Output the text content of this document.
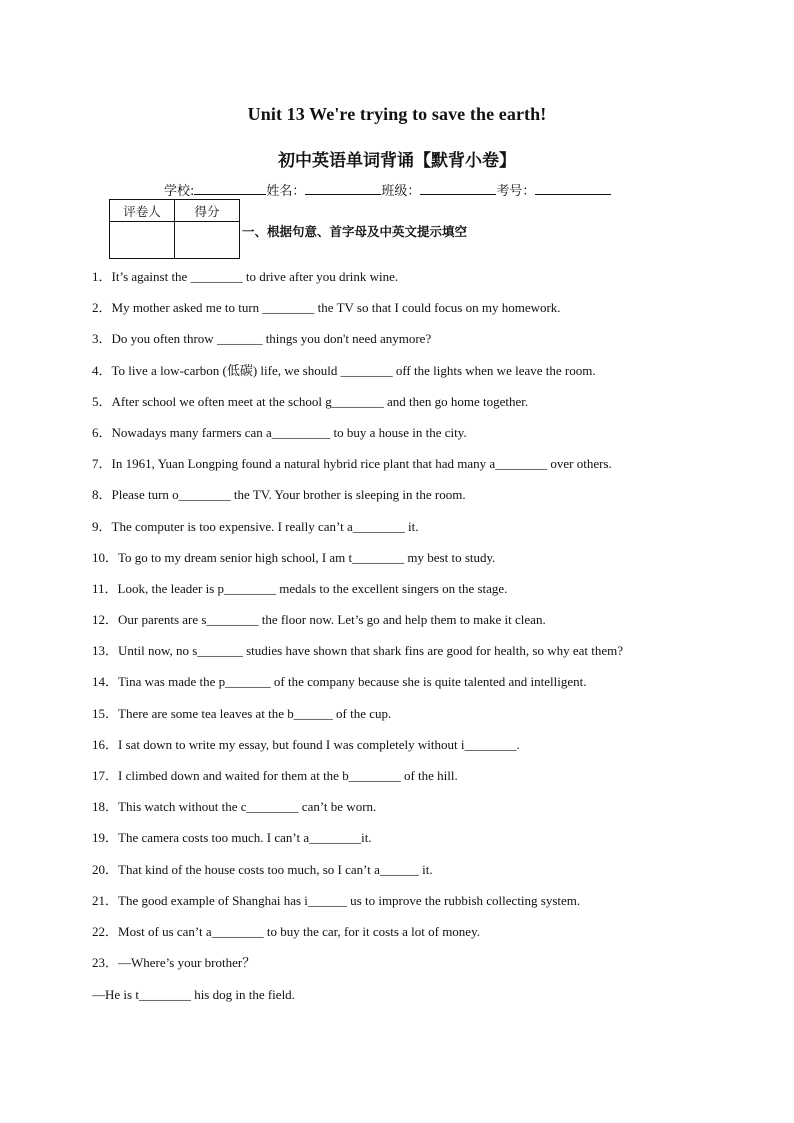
Unit 13 We're trying to save the earth!
初中英语单词背诵【默背小卷】
学校:	姓名：	班级：	考号：
评卷人	得分

一、根据句意、首字母及中英文提示填空
1．It’s against the ________ to drive after you drink wine.
2．My mother asked me to turn ________ the TV so that I could focus on my homework.
3．Do you often throw _______ things you don't need anymore?
4．To live a low-carbon (低碳) life, we should ________ off the lights when we leave the room.
5．After school we often meet at the school g________ and then go home together.
6．Nowadays many farmers can a_________ to buy a house in the city.
7．In 1961, Yuan Longping found a natural hybrid rice plant that had many a________ over others.
8．Please turn o________ the TV. Your brother is sleeping in the room.
9．The computer is too expensive. I really can’t a________ it.
10．To go to my dream senior high school, I am t________ my best to study.
11．Look, the leader is p________ medals to the excellent singers on the stage.
12．Our parents are s________ the floor now. Let’s go and help them to make it clean.
13．Until now, no s_______ studies have shown that shark fins are good for health, so why eat them?
14．Tina was made the p_______ of the company because she is quite talented and intelligent.
15．There are some tea leaves at the b______ of the cup.
16．I sat down to write my essay, but found I was completely without i________.
17．I climbed down and waited for them at the b________ of the hill.
18．This watch without the c________ can’t be worn.
19．The camera costs too much. I can’t a________it.
20．That kind of the house costs too much, so I can’t a______ it.
21．The good example of Shanghai has i______ us to improve the rubbish collecting system.
22．Most of us can’t a________ to buy the car, for it costs a lot of money.
23．—Where’s your brother？
—He is t________ his dog in the field.
